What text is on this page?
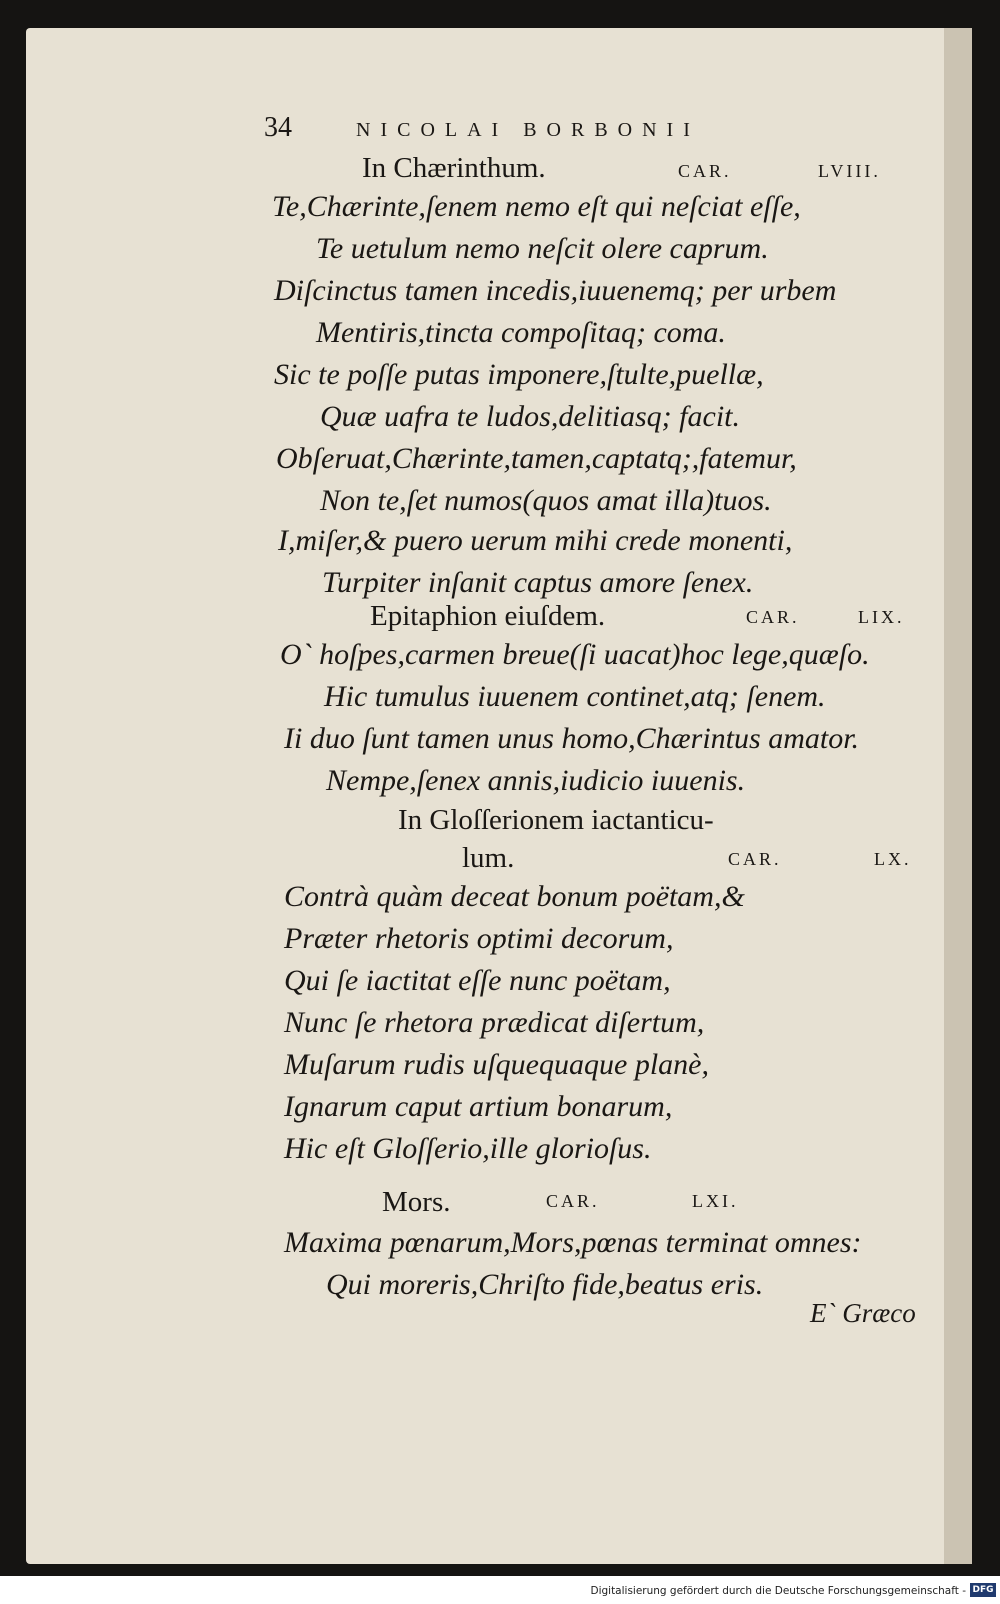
34	NICOLAI BORBONII
In Chærinthum.	CAR.	LVIII.
Te,Chærinte,ſenem nemo eſt qui neſciat eſſe,
Te uetulum nemo neſcit olere caprum.
Diſcinctus tamen incedis,iuuenemq; per urbem
Mentiris,tincta compoſitaq; coma.
Sic te poſſe putas imponere,ſtulte,puellæ,
Quæ uafra te ludos,delitiasq; facit.
Obſeruat,Chærinte,tamen,captatq;,fatemur,
Non te,ſet numos(quos amat illa)tuos.
I,miſer,& puero uerum mihi crede monenti,
Turpiter inſanit captus amore ſenex.
Epitaphion eiuſdem.	CAR.	LIX.
O` hoſpes,carmen breue(ſi uacat)hoc lege,quæſo.
Hic tumulus iuuenem continet,atq; ſenem.
Ii duo ſunt tamen unus homo,Chærintus amator.
Nempe,ſenex annis,iudicio iuuenis.
In Gloſſerionem iactanticu-
lum.	CAR.	LX.
Contrà quàm deceat bonum poëtam,&
Præter rhetoris optimi decorum,
Qui ſe iactitat eſſe nunc poëtam,
Nunc ſe rhetora prædicat diſertum,
Muſarum rudis uſquequaque planè,
Ignarum caput artium bonarum,
Hic eſt Gloſſerio,ille glorioſus.
Mors.	CAR.	LXI.
Maxima pœnarum,Mors,pœnas terminat omnes:
Qui moreris,Chriſto fide,beatus eris.
E` Græco
Digitalisierung gefördert durch die Deutsche Forschungsgemeinschaft - DFG
